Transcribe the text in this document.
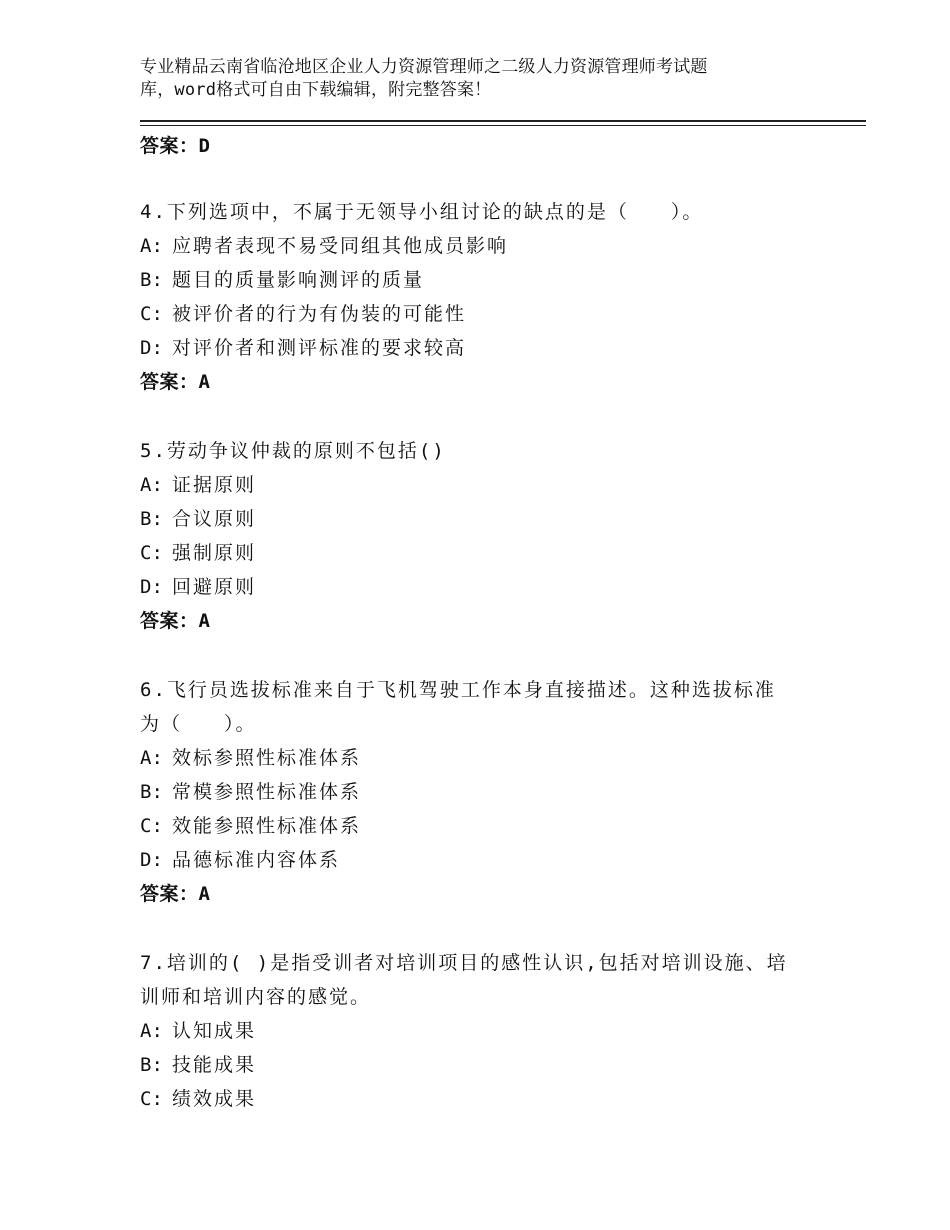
专业精品云南省临沧地区企业人力资源管理师之二级人力资源管理师考试题
库，word格式可自由下载编辑，附完整答案！
答案：D
4.下列选项中，不属于无领导小组讨论的缺点的是（　　）。
A: 应聘者表现不易受同组其他成员影响
B: 题目的质量影响测评的质量
C: 被评价者的行为有伪装的可能性
D: 对评价者和测评标准的要求较高
答案：A
5.劳动争议仲裁的原则不包括()
A: 证据原则
B: 合议原则
C: 强制原则
D: 回避原则
答案：A
6.飞行员选拔标准来自于飞机驾驶工作本身直接描述。这种选拔标准
为（　　）。
A: 效标参照性标准体系
B: 常模参照性标准体系
C: 效能参照性标准体系
D: 品德标准内容体系
答案：A
7.培训的( )是指受训者对培训项目的感性认识,包括对培训设施、培
训师和培训内容的感觉。
A: 认知成果
B: 技能成果
C: 绩效成果
